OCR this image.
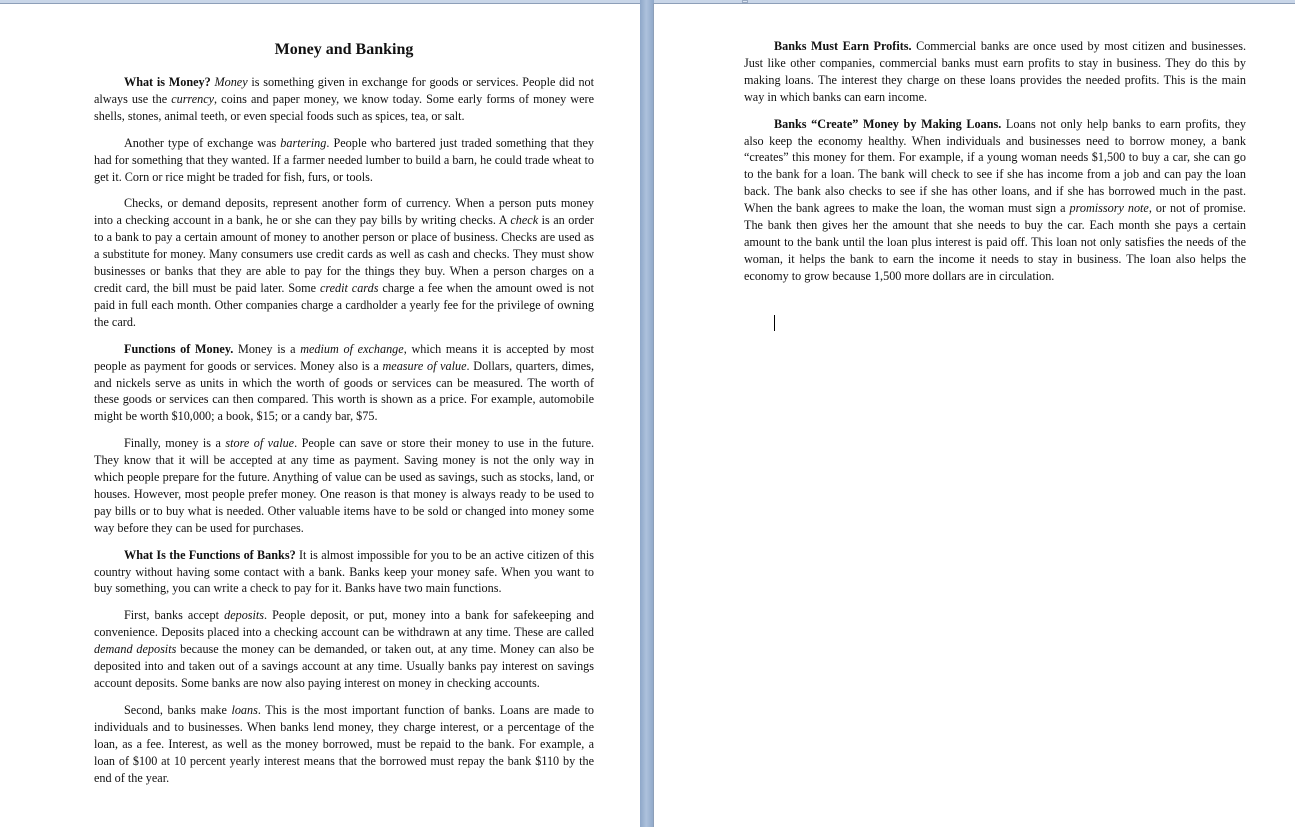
Money and Banking

What is Money? Money is something given in exchange for goods or services. People did not always use the currency, coins and paper money, we know today. Some early forms of money were shells, stones, animal teeth, or even special foods such as spices, tea, or salt.

Another type of exchange was bartering. People who bartered just traded something that they had for something that they wanted. If a farmer needed lumber to build a barn, he could trade wheat to get it. Corn or rice might be traded for fish, furs, or tools.

Checks, or demand deposits, represent another form of currency. When a person puts money into a checking account in a bank, he or she can they pay bills by writing checks. A check is an order to a bank to pay a certain amount of money to another person or place of business. Checks are used as a substitute for money. Many consumers use credit cards as well as cash and checks. They must show businesses or banks that they are able to pay for the things they buy. When a person charges on a credit card, the bill must be paid later. Some credit cards charge a fee when the amount owed is not paid in full each month. Other companies charge a cardholder a yearly fee for the privilege of owning the card.

Functions of Money. Money is a medium of exchange, which means it is accepted by most people as payment for goods or services. Money also is a measure of value. Dollars, quarters, dimes, and nickels serve as units in which the worth of goods or services can be measured. The worth of these goods or services can then compared. This worth is shown as a price. For example, automobile might be worth $10,000; a book, $15; or a candy bar, $75.

Finally, money is a store of value. People can save or store their money to use in the future. They know that it will be accepted at any time as payment. Saving money is not the only way in which people prepare for the future. Anything of value can be used as savings, such as stocks, land, or houses. However, most people prefer money. One reason is that money is always ready to be used to pay bills or to buy what is needed. Other valuable items have to be sold or changed into money some way before they can be used for purchases.

What Is the Functions of Banks? It is almost impossible for you to be an active citizen of this country without having some contact with a bank. Banks keep your money safe. When you want to buy something, you can write a check to pay for it. Banks have two main functions.

First, banks accept deposits. People deposit, or put, money into a bank for safekeeping and convenience. Deposits placed into a checking account can be withdrawn at any time. These are called demand deposits because the money can be demanded, or taken out, at any time. Money can also be deposited into and taken out of a savings account at any time. Usually banks pay interest on savings account deposits. Some banks are now also paying interest on money in checking accounts.

Second, banks make loans. This is the most important function of banks. Loans are made to individuals and to businesses. When banks lend money, they charge interest, or a percentage of the loan, as a fee. Interest, as well as the money borrowed, must be repaid to the bank. For example, a loan of $100 at 10 percent yearly interest means that the borrowed must repay the bank $110 by the end of the year.

Banks Must Earn Profits. Commercial banks are once used by most citizen and businesses. Just like other companies, commercial banks must earn profits to stay in business. They do this by making loans. The interest they charge on these loans provides the needed profits. This is the main way in which banks can earn income.

Banks “Create” Money by Making Loans. Loans not only help banks to earn profits, they also keep the economy healthy. When individuals and businesses need to borrow money, a bank “creates” this money for them. For example, if a young woman needs $1,500 to buy a car, she can go to the bank for a loan. The bank will check to see if she has income from a job and can pay the loan back. The bank also checks to see if she has other loans, and if she has borrowed much in the past. When the bank agrees to make the loan, the woman must sign a promissory note, or not of promise. The bank then gives her the amount that she needs to buy the car. Each month she pays a certain amount to the bank until the loan plus interest is paid off. This loan not only satisfies the needs of the woman, it helps the bank to earn the income it needs to stay in business. The loan also helps the economy to grow because 1,500 more dollars are in circulation.
